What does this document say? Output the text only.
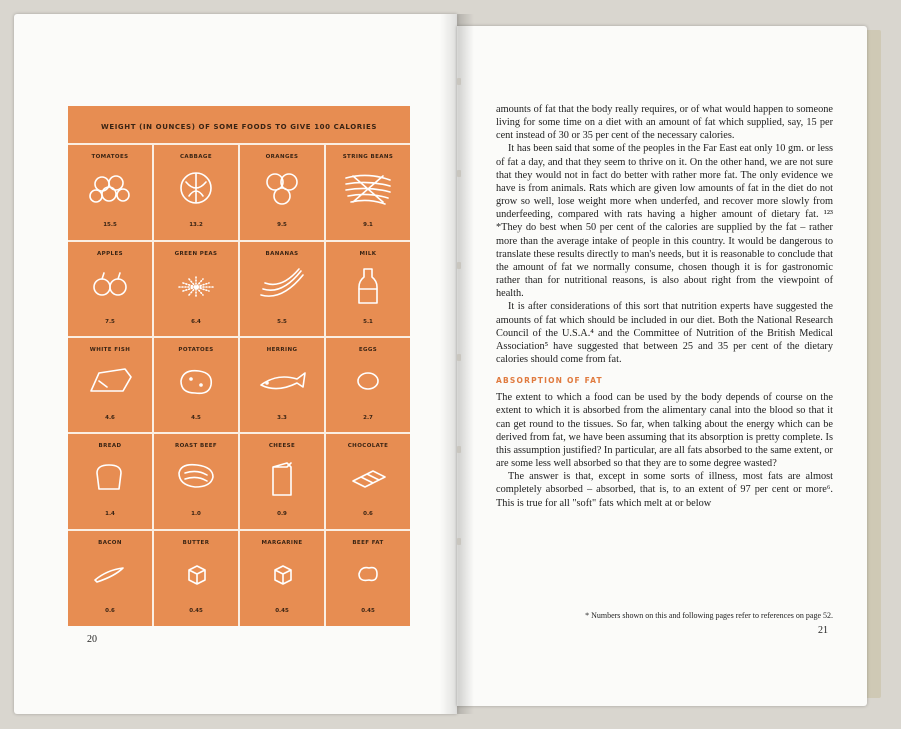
WEIGHT (IN OUNCES) OF SOME FOODS TO GIVE 100 CALORIES
TOMATOES
15.5
CABBAGE
13.2
ORANGES
9.5
STRING BEANS
9.1
APPLES
7.5
GREEN PEAS
6.4
BANANAS
5.5
MILK
5.1
WHITE FISH
4.6
POTATOES
4.5
HERRING
3.3
EGGS
2.7
BREAD
1.4
ROAST BEEF
1.0
CHEESE
0.9
CHOCOLATE
0.6
BACON
0.6
BUTTER
0.45
MARGARINE
0.45
BEEF FAT
0.45
20
21

amounts of fat that the body really requires, or of what would happen to someone living for some time on a diet with an amount of fat which supplied, say, 15 per cent instead of 30 or 35 per cent of the necessary calories.

It has been said that some of the peoples in the Far East eat only 10 gm. or less of fat a day, and that they seem to thrive on it. On the other hand, we are not sure that they would not in fact do better with rather more fat. The only evidence we have is from animals. Rats which are given low amounts of fat in the diet do not grow so well, lose weight more when underfed, and recover more slowly from underfeeding, compared with rats having a higher amount of dietary fat. ¹²³ *They do best when 50 per cent of the calories are supplied by the fat – rather more than the average intake of people in this country. It would be dangerous to translate these results directly to man's needs, but it is reasonable to conclude that the amount of fat we normally consume, chosen though it is for gastronomic rather than for nutritional reasons, is also about right from the viewpoint of health.

It is after considerations of this sort that nutrition experts have suggested the amounts of fat which should be included in our diet. Both the National Research Council of the U.S.A.⁴ and the Committee of Nutrition of the British Medical Association⁵ have suggested that between 25 and 35 per cent of the dietary calories should come from fat.

ABSORPTION OF FAT

The extent to which a food can be used by the body depends of course on the extent to which it is absorbed from the alimentary canal into the blood so that it can get round to the tissues. So far, when talking about the energy which can be derived from fat, we have been assuming that its absorption is pretty complete. Is this assumption justified? In particular, are all fats absorbed to the same extent, or are some less well absorbed so that they are to some degree wasted?

The answer is that, except in some sorts of illness, most fats are almost completely absorbed – absorbed, that is, to an extent of 97 per cent or more⁶. This is true for all "soft" fats which melt at or below

* Numbers shown on this and following pages refer to references on page 52.
